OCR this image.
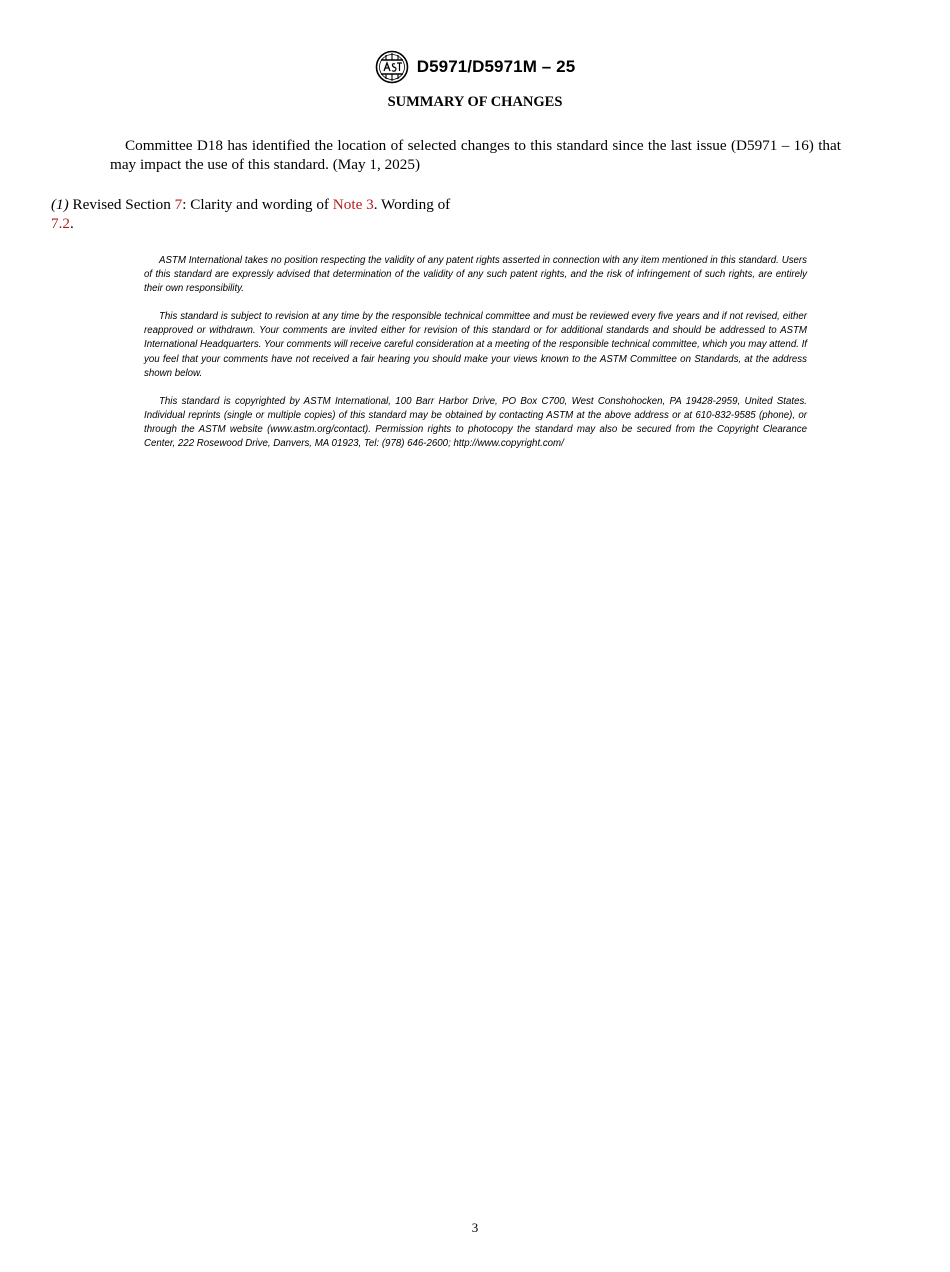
D5971/D5971M – 25
SUMMARY OF CHANGES
Committee D18 has identified the location of selected changes to this standard since the last issue (D5971 – 16) that may impact the use of this standard. (May 1, 2025)
(1) Revised Section 7: Clarity and wording of Note 3. Wording of 7.2.

ASTM International takes no position respecting the validity of any patent rights asserted in connection with any item mentioned in this standard. Users of this standard are expressly advised that determination of the validity of any such patent rights, and the risk of infringement of such rights, are entirely their own responsibility.

This standard is subject to revision at any time by the responsible technical committee and must be reviewed every five years and if not revised, either reapproved or withdrawn. Your comments are invited either for revision of this standard or for additional standards and should be addressed to ASTM International Headquarters. Your comments will receive careful consideration at a meeting of the responsible technical committee, which you may attend. If you feel that your comments have not received a fair hearing you should make your views known to the ASTM Committee on Standards, at the address shown below.

This standard is copyrighted by ASTM International, 100 Barr Harbor Drive, PO Box C700, West Conshohocken, PA 19428-2959, United States. Individual reprints (single or multiple copies) of this standard may be obtained by contacting ASTM at the above address or at 610-832-9585 (phone), or through the ASTM website (www.astm.org/contact). Permission rights to photocopy the standard may also be secured from the Copyright Clearance Center, 222 Rosewood Drive, Danvers, MA 01923, Tel: (978) 646-2600; http://www.copyright.com/

3
